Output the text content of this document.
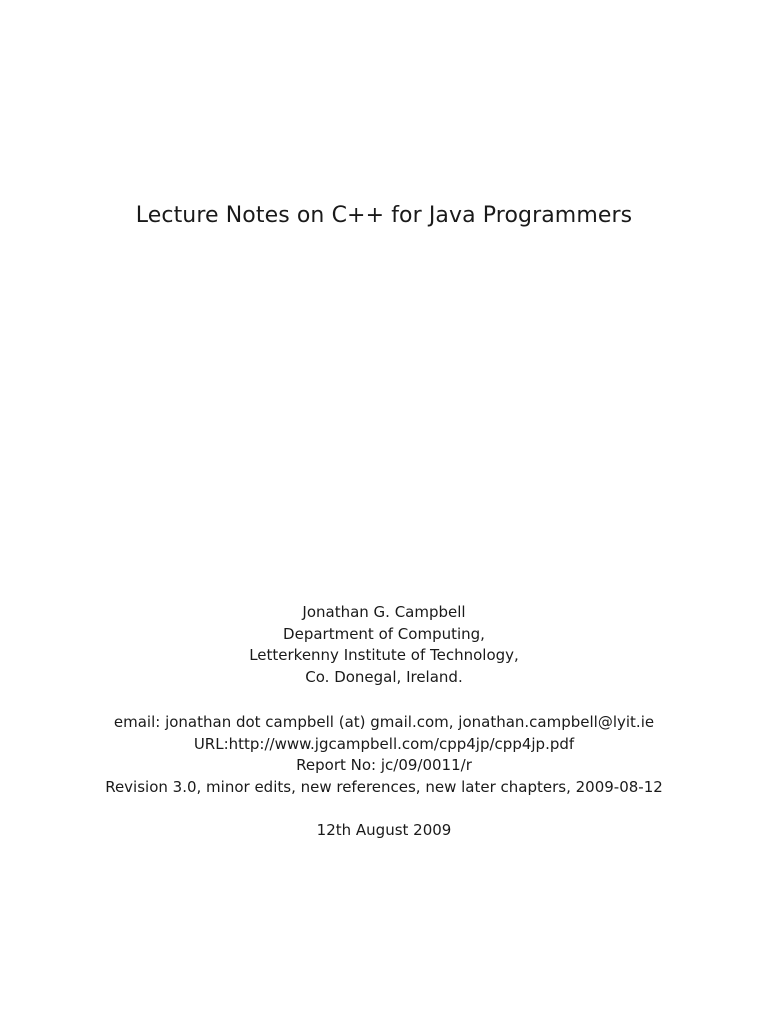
Lecture Notes on C++ for Java Programmers
Jonathan G. Campbell
Department of Computing,
Letterkenny Institute of Technology,
Co. Donegal, Ireland.
email: jonathan dot campbell (at) gmail.com, jonathan.campbell@lyit.ie
URL:http://www.jgcampbell.com/cpp4jp/cpp4jp.pdf
Report No: jc/09/0011/r
Revision 3.0, minor edits, new references, new later chapters, 2009-08-12
12th August 2009
